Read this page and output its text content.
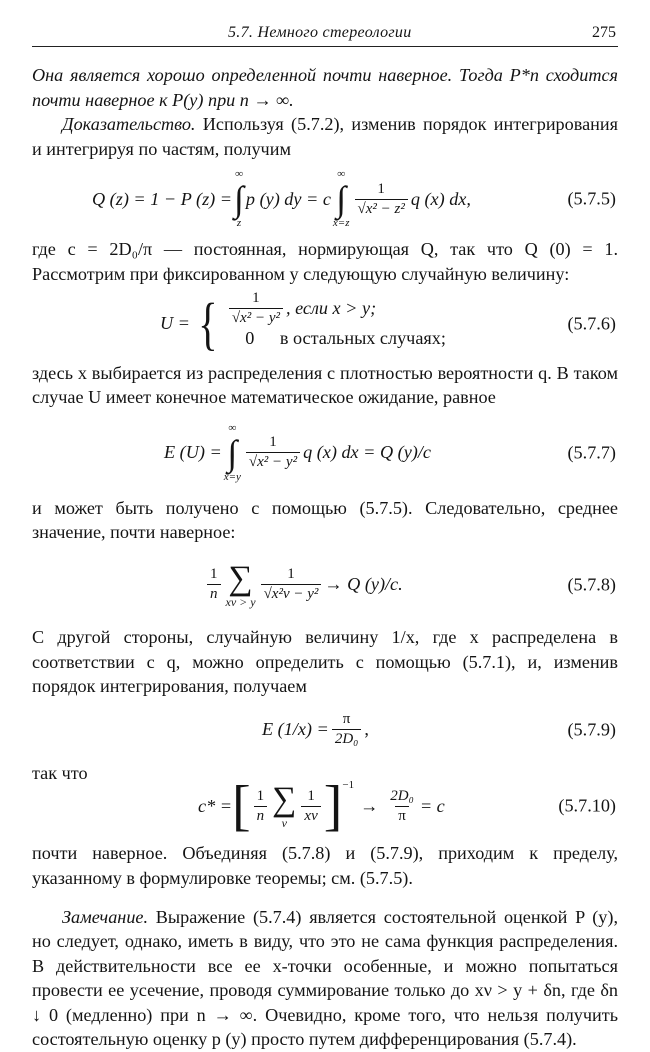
5.7. Немного стереологии	275

Она является хорошо определенной почти наверное. Тогда P*n сходится почти наверное к P(y) при n → ∞.

Доказательство. Используя (5.7.2), изменив порядок интегрирования и интегрируя по частям, получим

Q (z) = 1 − P (z) =
∞
∫
z
p (y) dy = c
∞
∫
x=z
$\frac{1}{\text{√x² − z²}}$ q (x) dx,	(5.7.5)

где c = 2D₀/π — постоянная, нормирующая Q, так что Q (0) = 1. Рассмотрим при фиксированном y следующую случайную величину:

U = { $\frac{1}{\text{√x² − y²}}$ , если x > y;
0	в остальных случаях;
(5.7.6)

здесь x выбирается из распределения с плотностью вероятности q. В таком случае U имеет конечное математическое ожидание, равное

E (U) =
∞
∫
x=y
$\frac{1}{\text{√x² − y²}}$ q (x) dx = Q (y)/c	(5.7.7)

и может быть получено с помощью (5.7.5). Следовательно, среднее значение, почти наверное:

$\frac{1}{n}$ ∑
xν > y $\frac{1}{\text{√x²ν − y²}} \to Q$ (y)/c.	(5.7.8)

С другой стороны, случайную величину 1/x, где x распределена в соответствии с q, можно определить с помощью (5.7.1), и, изменив порядок интегрирования, получаем

E $(1/x) = \frac{\pi}{\text{2D₀}}$ ,	(5.7.9)

так что

c* = [ $\frac{1}{n}$ ∑
ν $\frac{1}{x\nu} ]^{-1}$
→ $\frac{\text{2D₀}}{\pi} = c$	(5.7.10)

почти наверное. Объединяя (5.7.8) и (5.7.9), приходим к пределу, указанному в формулировке теоремы; см. (5.7.5).

Замечание. Выражение (5.7.4) является состоятельной оценкой P (y), но следует, однако, иметь в виду, что это не сама функция распределения. В действительности все ее x-точки особенные, и можно попытаться провести ее усечение, проводя суммирование только до xν > y + δn, где δn ↓ 0 (медленно) при n → ∞. Очевидно, кроме того, что нельзя получить состоятельную оценку p (y) просто путем дифференцирования (5.7.4).
